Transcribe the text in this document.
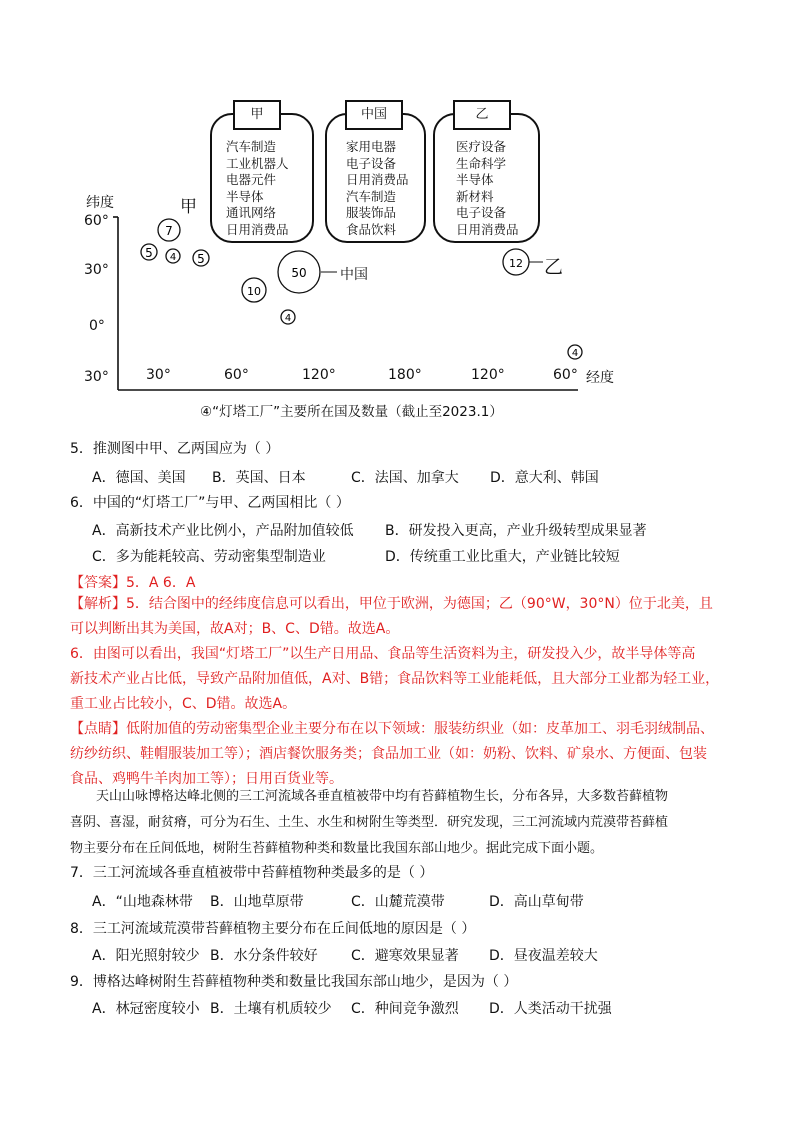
甲
汽车制造
工业机器人
电器元件
半导体
通讯网络
日用消费品
中国
家用电器
电子设备
日用消费品
汽车制造
服装饰品
食品饮料
乙
医疗设备
生命科学
半导体
新材料
电子设备
日用消费品
7
5 4 5
10
50
4
12
4
纬度
60°
30°
0°
30°	30°	60°	120°	180°	120°	60° 经度
甲
中国	乙
④“灯塔工厂”主要所在国及数量（截止至2023.1）
5．推测图中甲、乙两国应为（ ）
A．德国、美国 B．英国、日本	C．法国、加拿大 D．意大利、韩国
6．中国的“灯塔工厂”与甲、乙两国相比（ ）
A．高新技术产业比例小，产品附加值较低 B．研发投入更高，产业升级转型成果显著
C．多为能耗较高、劳动密集型制造业	D．传统重工业比重大，产业链比较短
【答案】5．A 6．A
【解析】5．结合图中的经纬度信息可以看出，甲位于欧洲，为德国；乙（90°W，30°N）位于北美，且
可以判断出其为美国，故A对；B、C、D错。故选A。
6．由图可以看出，我国“灯塔工厂”以生产日用品、食品等生活资料为主，研发投入少，故半导体等高
新技术产业占比低，导致产品附加值低，A对、B错；食品饮料等工业能耗低，且大部分工业都为轻工业，
重工业占比较小，C、D错。故选A。
【点睛】低附加值的劳动密集型企业主要分布在以下领域：服装纺织业（如：皮革加工、羽毛羽绒制品、
纺纱纺织、鞋帽服装加工等）；酒店餐饮服务类；食品加工业（如：奶粉、饮料、矿泉水、方便面、包装
食品、鸡鸭牛羊肉加工等）；日用百货业等。
天山山咏博格达峰北侧的三工河流域各垂直植被带中均有苔藓植物生长，分布各异，大多数苔藓植物
喜阴、喜湿，耐贫瘠，可分为石生、土生、水生和树附生等类型．研究发现，三工河流域内荒漠带苔藓植
物主要分布在丘间低地，树附生苔藓植物种类和数量比我国东部山地少。据此完成下面小题。
7．三工河流域各垂直植被带中苔藓植物种类最多的是（ ）
A．“山地森林带 B．山地草原带	C．山麓荒漠带	D．高山草甸带
8．三工河流域荒漠带苔藓植物主要分布在丘间低地的原因是（ ）
A．阳光照射较少 B．水分条件较好 C．避寒效果显著 D．昼夜温差较大
9．博格达峰树附生苔藓植物种类和数量比我国东部山地少，是因为（ ）
A．林冠密度较小 B．土壤有机质较少 C．种间竞争激烈 D．人类活动干扰强
